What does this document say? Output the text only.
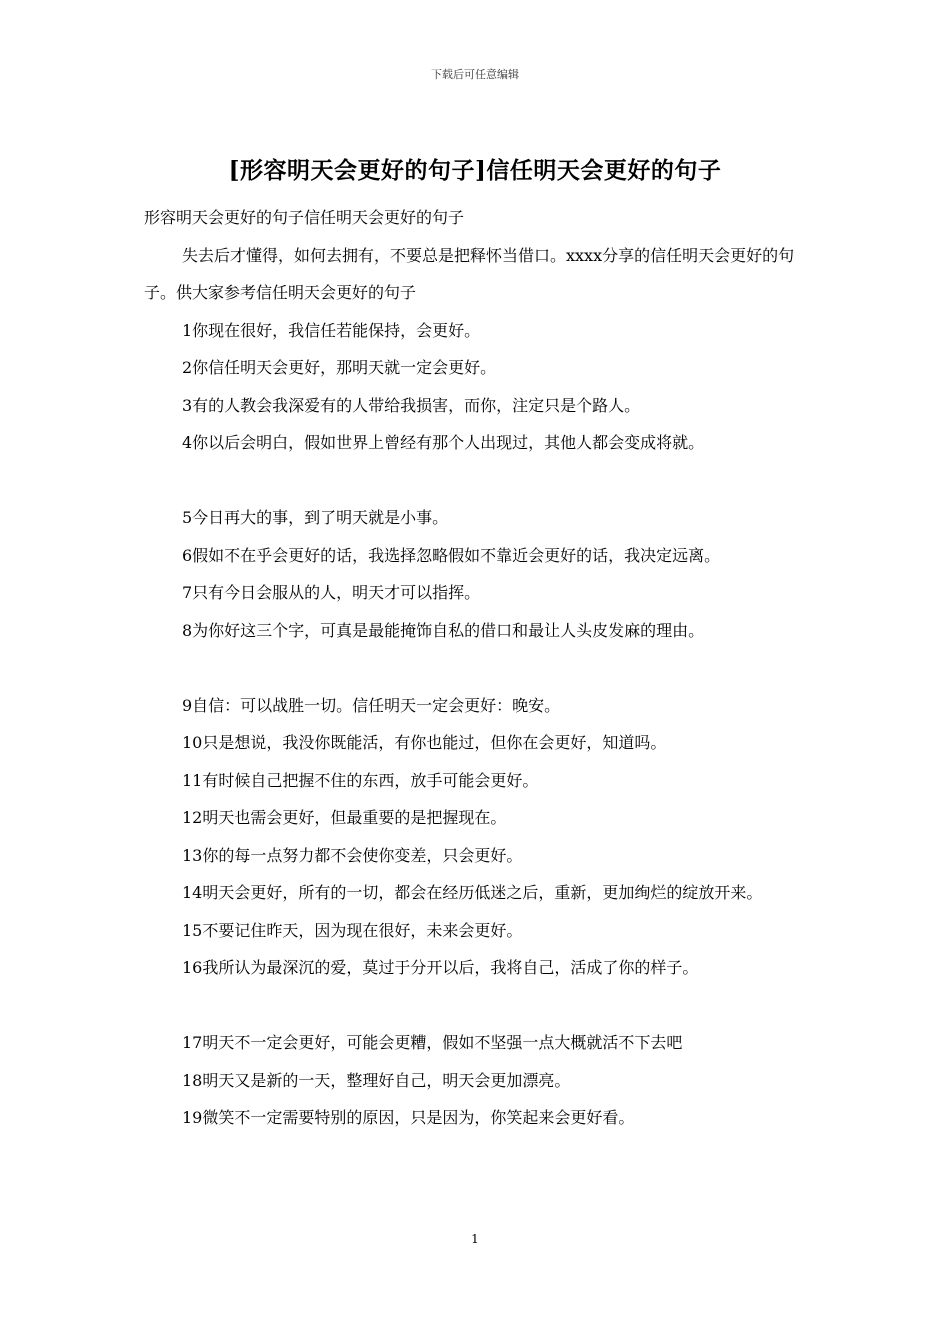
下载后可任意编辑
[形容明天会更好的句子]信任明天会更好的句子

形容明天会更好的句子信任明天会更好的句子

失去后才懂得，如何去拥有，不要总是把释怀当借口。xxxx分享的信任明天会更好的句子。供大家参考信任明天会更好的句子

1你现在很好，我信任若能保持，会更好。

2你信任明天会更好，那明天就一定会更好。

3有的人教会我深爱有的人带给我损害，而你，注定只是个路人。

4你以后会明白，假如世界上曾经有那个人出现过，其他人都会变成将就。

5今日再大的事，到了明天就是小事。

6假如不在乎会更好的话，我选择忽略假如不靠近会更好的话，我决定远离。

7只有今日会服从的人，明天才可以指挥。

8为你好这三个字，可真是最能掩饰自私的借口和最让人头皮发麻的理由。

9自信：可以战胜一切。信任明天一定会更好：晚安。

10只是想说，我没你既能活，有你也能过，但你在会更好，知道吗。

11有时候自己把握不住的东西，放手可能会更好。

12明天也需会更好，但最重要的是把握现在。

13你的每一点努力都不会使你变差，只会更好。

14明天会更好，所有的一切，都会在经历低迷之后，重新，更加绚烂的绽放开来。

15不要记住昨天，因为现在很好，未来会更好。

16我所认为最深沉的爱，莫过于分开以后，我将自己，活成了你的样子。

17明天不一定会更好，可能会更糟，假如不坚强一点大概就活不下去吧

18明天又是新的一天，整理好自己，明天会更加漂亮。

19微笑不一定需要特别的原因，只是因为，你笑起来会更好看。

1
